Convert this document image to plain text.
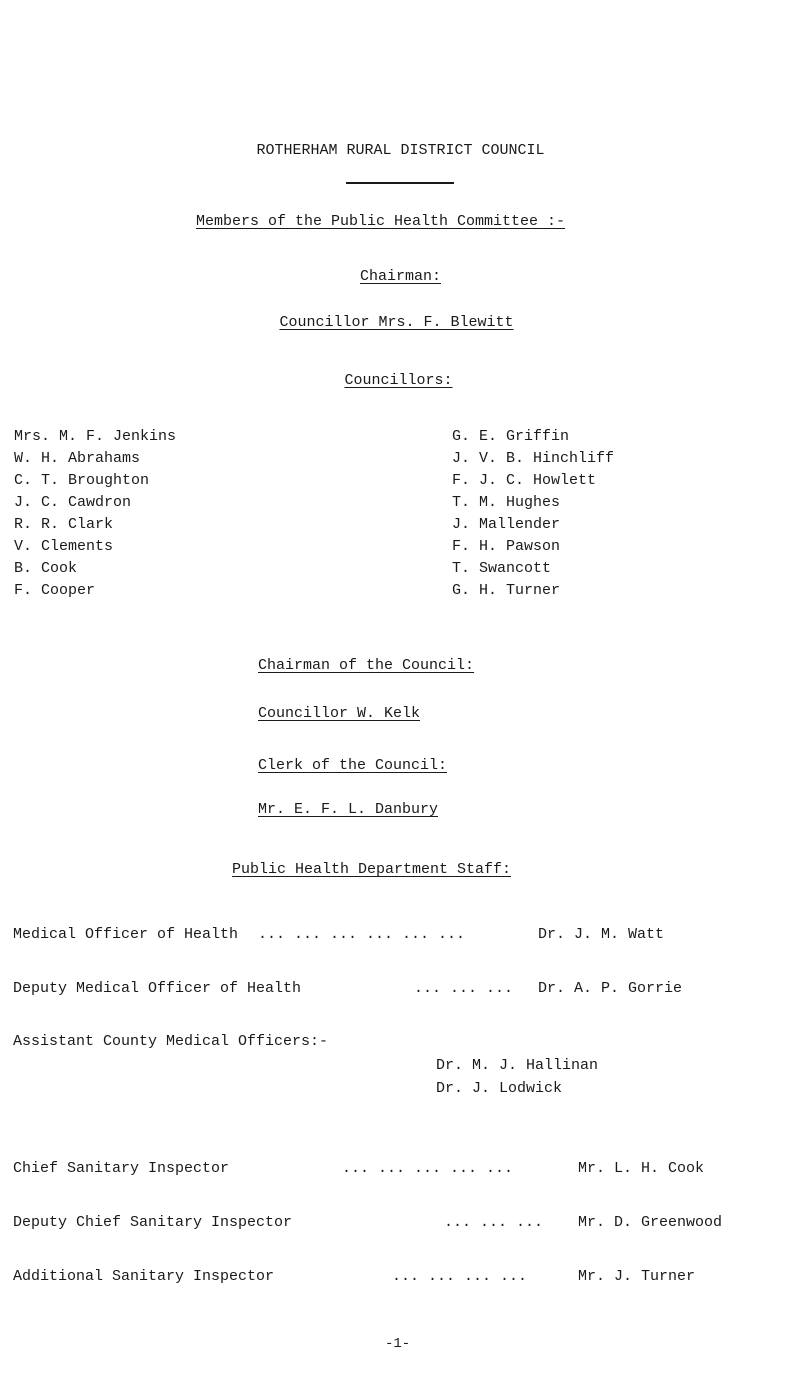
ROTHERHAM RURAL DISTRICT COUNCIL
Members of the Public Health Committee :-
Chairman:
Councillor Mrs. F. Blewitt
Councillors:
Mrs. M. F. Jenkins
W. H. Abrahams
C. T. Broughton
J. C. Cawdron
R. R. Clark
V. Clements
B. Cook
F. Cooper
G. E. Griffin
J. V. B. Hinchliff
F. J. C. Howlett
T. M. Hughes
J. Mallender
F. H. Pawson
T. Swancott
G. H. Turner
Chairman of the Council:
Councillor W. Kelk
Clerk of the Council:
Mr. E. F. L. Danbury
Public Health Department Staff:
Medical Officer of Health ... ... ... ... ... ...	Dr. J. M. Watt
Deputy Medical Officer of Health	... ... ... Dr. A. P. Gorrie
Assistant County Medical Officers:-
Dr. M. J. Hallinan
Dr. J. Lodwick
Chief Sanitary Inspector	... ... ... ... ...	Mr. L. H. Cook
Deputy Chief Sanitary Inspector	... ... ... Mr. D. Greenwood
Additional Sanitary Inspector	... ... ... ...	Mr. J. Turner
-1-
